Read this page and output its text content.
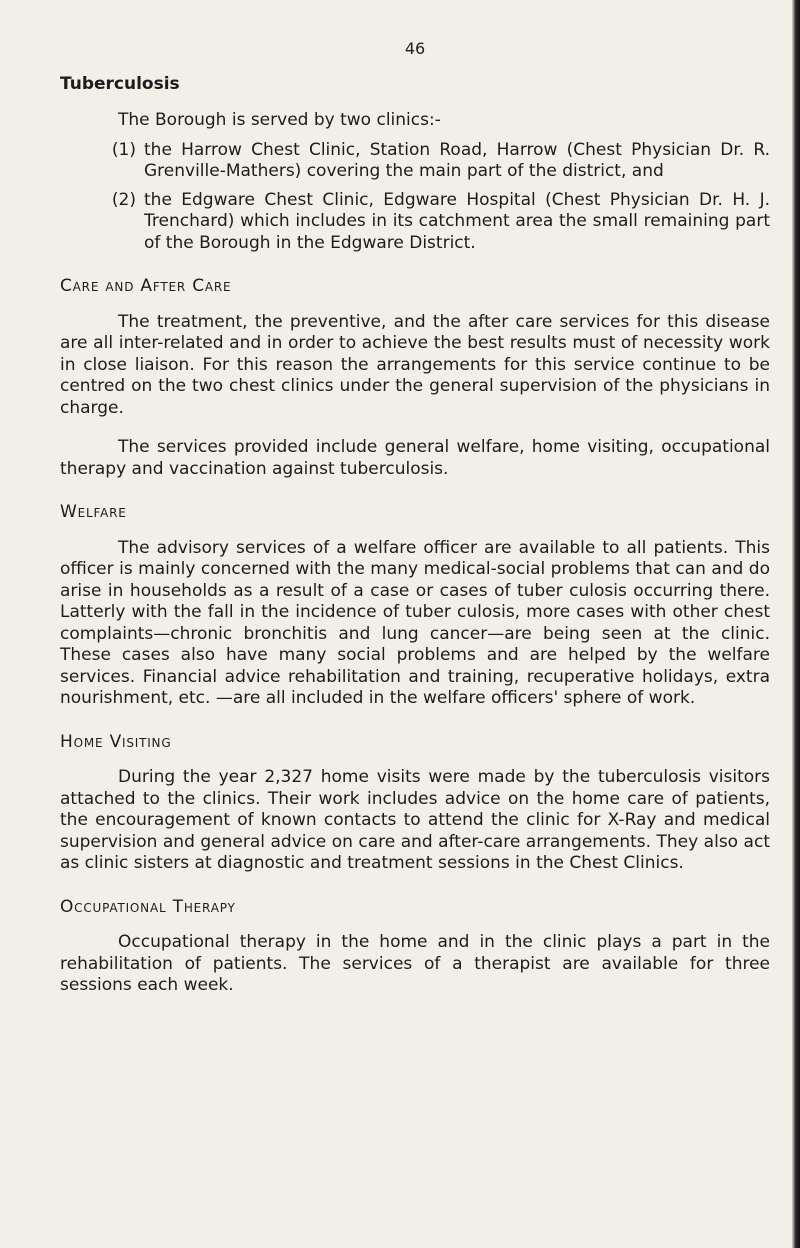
46
Tuberculosis
The Borough is served by two clinics:-
(1) the Harrow Chest Clinic, Station Road, Harrow (Chest Physician Dr. R. Grenville-Mathers) covering the main part of the district, and
(2) the Edgware Chest Clinic, Edgware Hospital (Chest Physician Dr. H. J. Trenchard) which includes in its catchment area the small remaining part of the Borough in the Edgware District.
Care and After Care

The treatment, the preventive, and the after care services for this disease are all inter-related and in order to achieve the best results must of necessity work in close liaison. For this reason the arrangements for this service continue to be centred on the two chest clinics under the general supervision of the physicians in charge.

The services provided include general welfare, home visiting, occupational therapy and vaccination against tuberculosis.

Welfare

The advisory services of a welfare officer are available to all patients. This officer is mainly concerned with the many medical-social problems that can and do arise in households as a result of a case or cases of tuber culosis occurring there. Latterly with the fall in the incidence of tuber culosis, more cases with other chest complaints—chronic bronchitis and lung cancer—are being seen at the clinic. These cases also have many social problems and are helped by the welfare services. Financial advice rehabilitation and training, recuperative holidays, extra nourishment, etc. —are all included in the welfare officers' sphere of work.

Home Visiting

During the year 2,327 home visits were made by the tuberculosis visitors attached to the clinics. Their work includes advice on the home care of patients, the encouragement of known contacts to attend the clinic for X-Ray and medical supervision and general advice on care and after-care arrangements. They also act as clinic sisters at diagnostic and treatment sessions in the Chest Clinics.

Occupational Therapy

Occupational therapy in the home and in the clinic plays a part in the rehabilitation of patients. The services of a therapist are available for three sessions each week.
